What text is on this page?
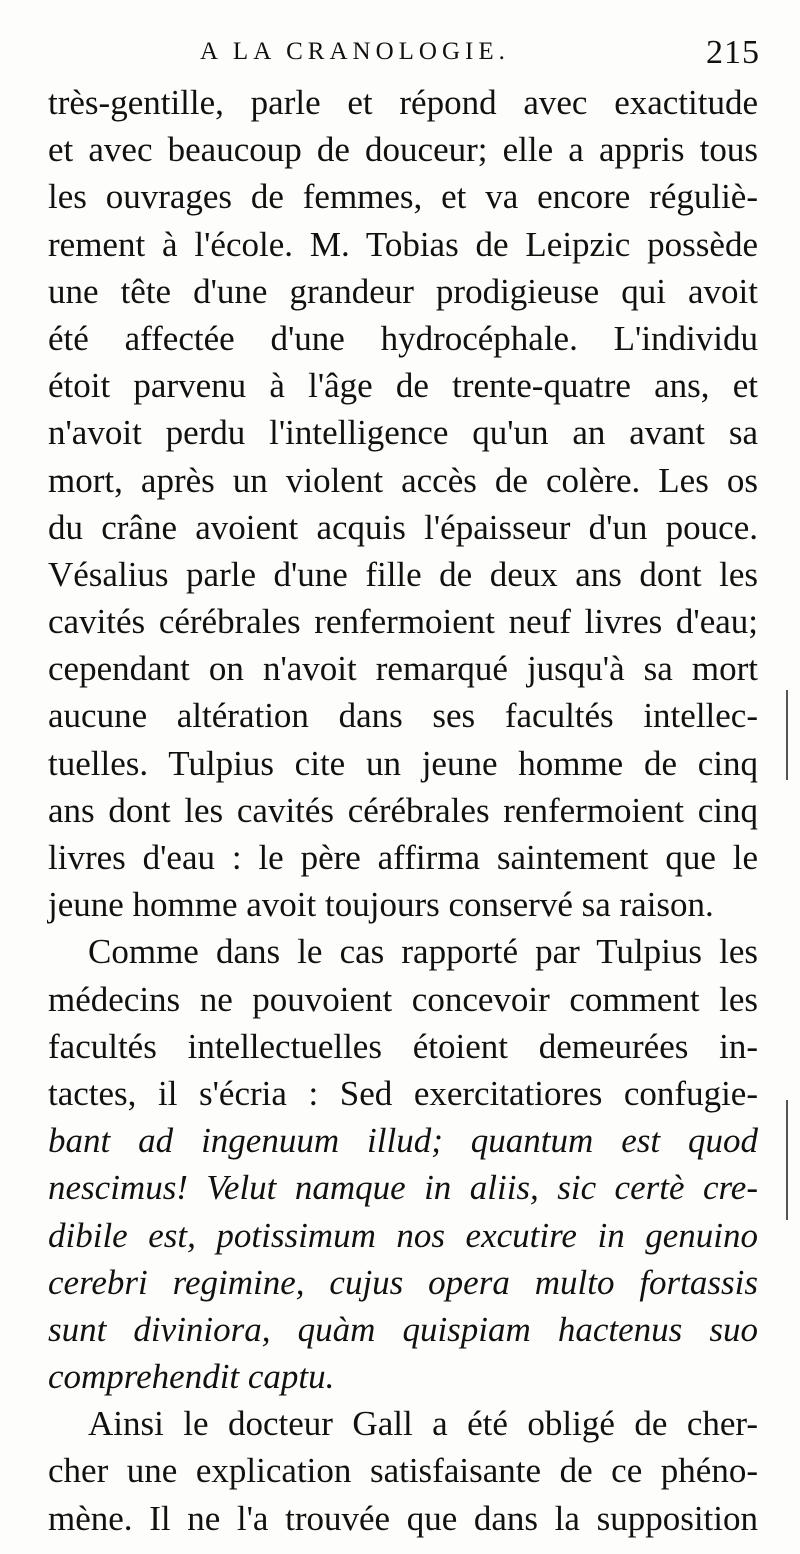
A LA CRANOLOGIE.	215
très-gentille, parle et répond avec exactitude
et avec beaucoup de douceur; elle a appris tous
les ouvrages de femmes, et va encore réguliè-
rement à l'école. M. Tobias de Leipzic possède
une tête d'une grandeur prodigieuse qui avoit
été affectée d'une hydrocéphale. L'individu
étoit parvenu à l'âge de trente-quatre ans, et
n'avoit perdu l'intelligence qu'un an avant sa
mort, après un violent accès de colère. Les os
du crâne avoient acquis l'épaisseur d'un pouce.
Vésalius parle d'une fille de deux ans dont les
cavités cérébrales renfermoient neuf livres d'eau;
cependant on n'avoit remarqué jusqu'à sa mort
aucune altération dans ses facultés intellec-
tuelles. Tulpius cite un jeune homme de cinq
ans dont les cavités cérébrales renfermoient cinq
livres d'eau : le père affirma saintement que le
jeune homme avoit toujours conservé sa raison.
Comme dans le cas rapporté par Tulpius les
médecins ne pouvoient concevoir comment les
facultés intellectuelles étoient demeurées in-
tactes, il s'écria : Sed exercitatiores confugie-
bant ad ingenuum illud; quantum est quod
nescimus! Velut namque in aliis, sic certè cre-
dibile est, potissimum nos excutire in genuino
cerebri regimine, cujus opera multo fortassis
sunt diviniora, quàm quispiam hactenus suo
comprehendit captu.
Ainsi le docteur Gall a été obligé de cher-
cher une explication satisfaisante de ce phéno-
mène. Il ne l'a trouvée que dans la supposition
